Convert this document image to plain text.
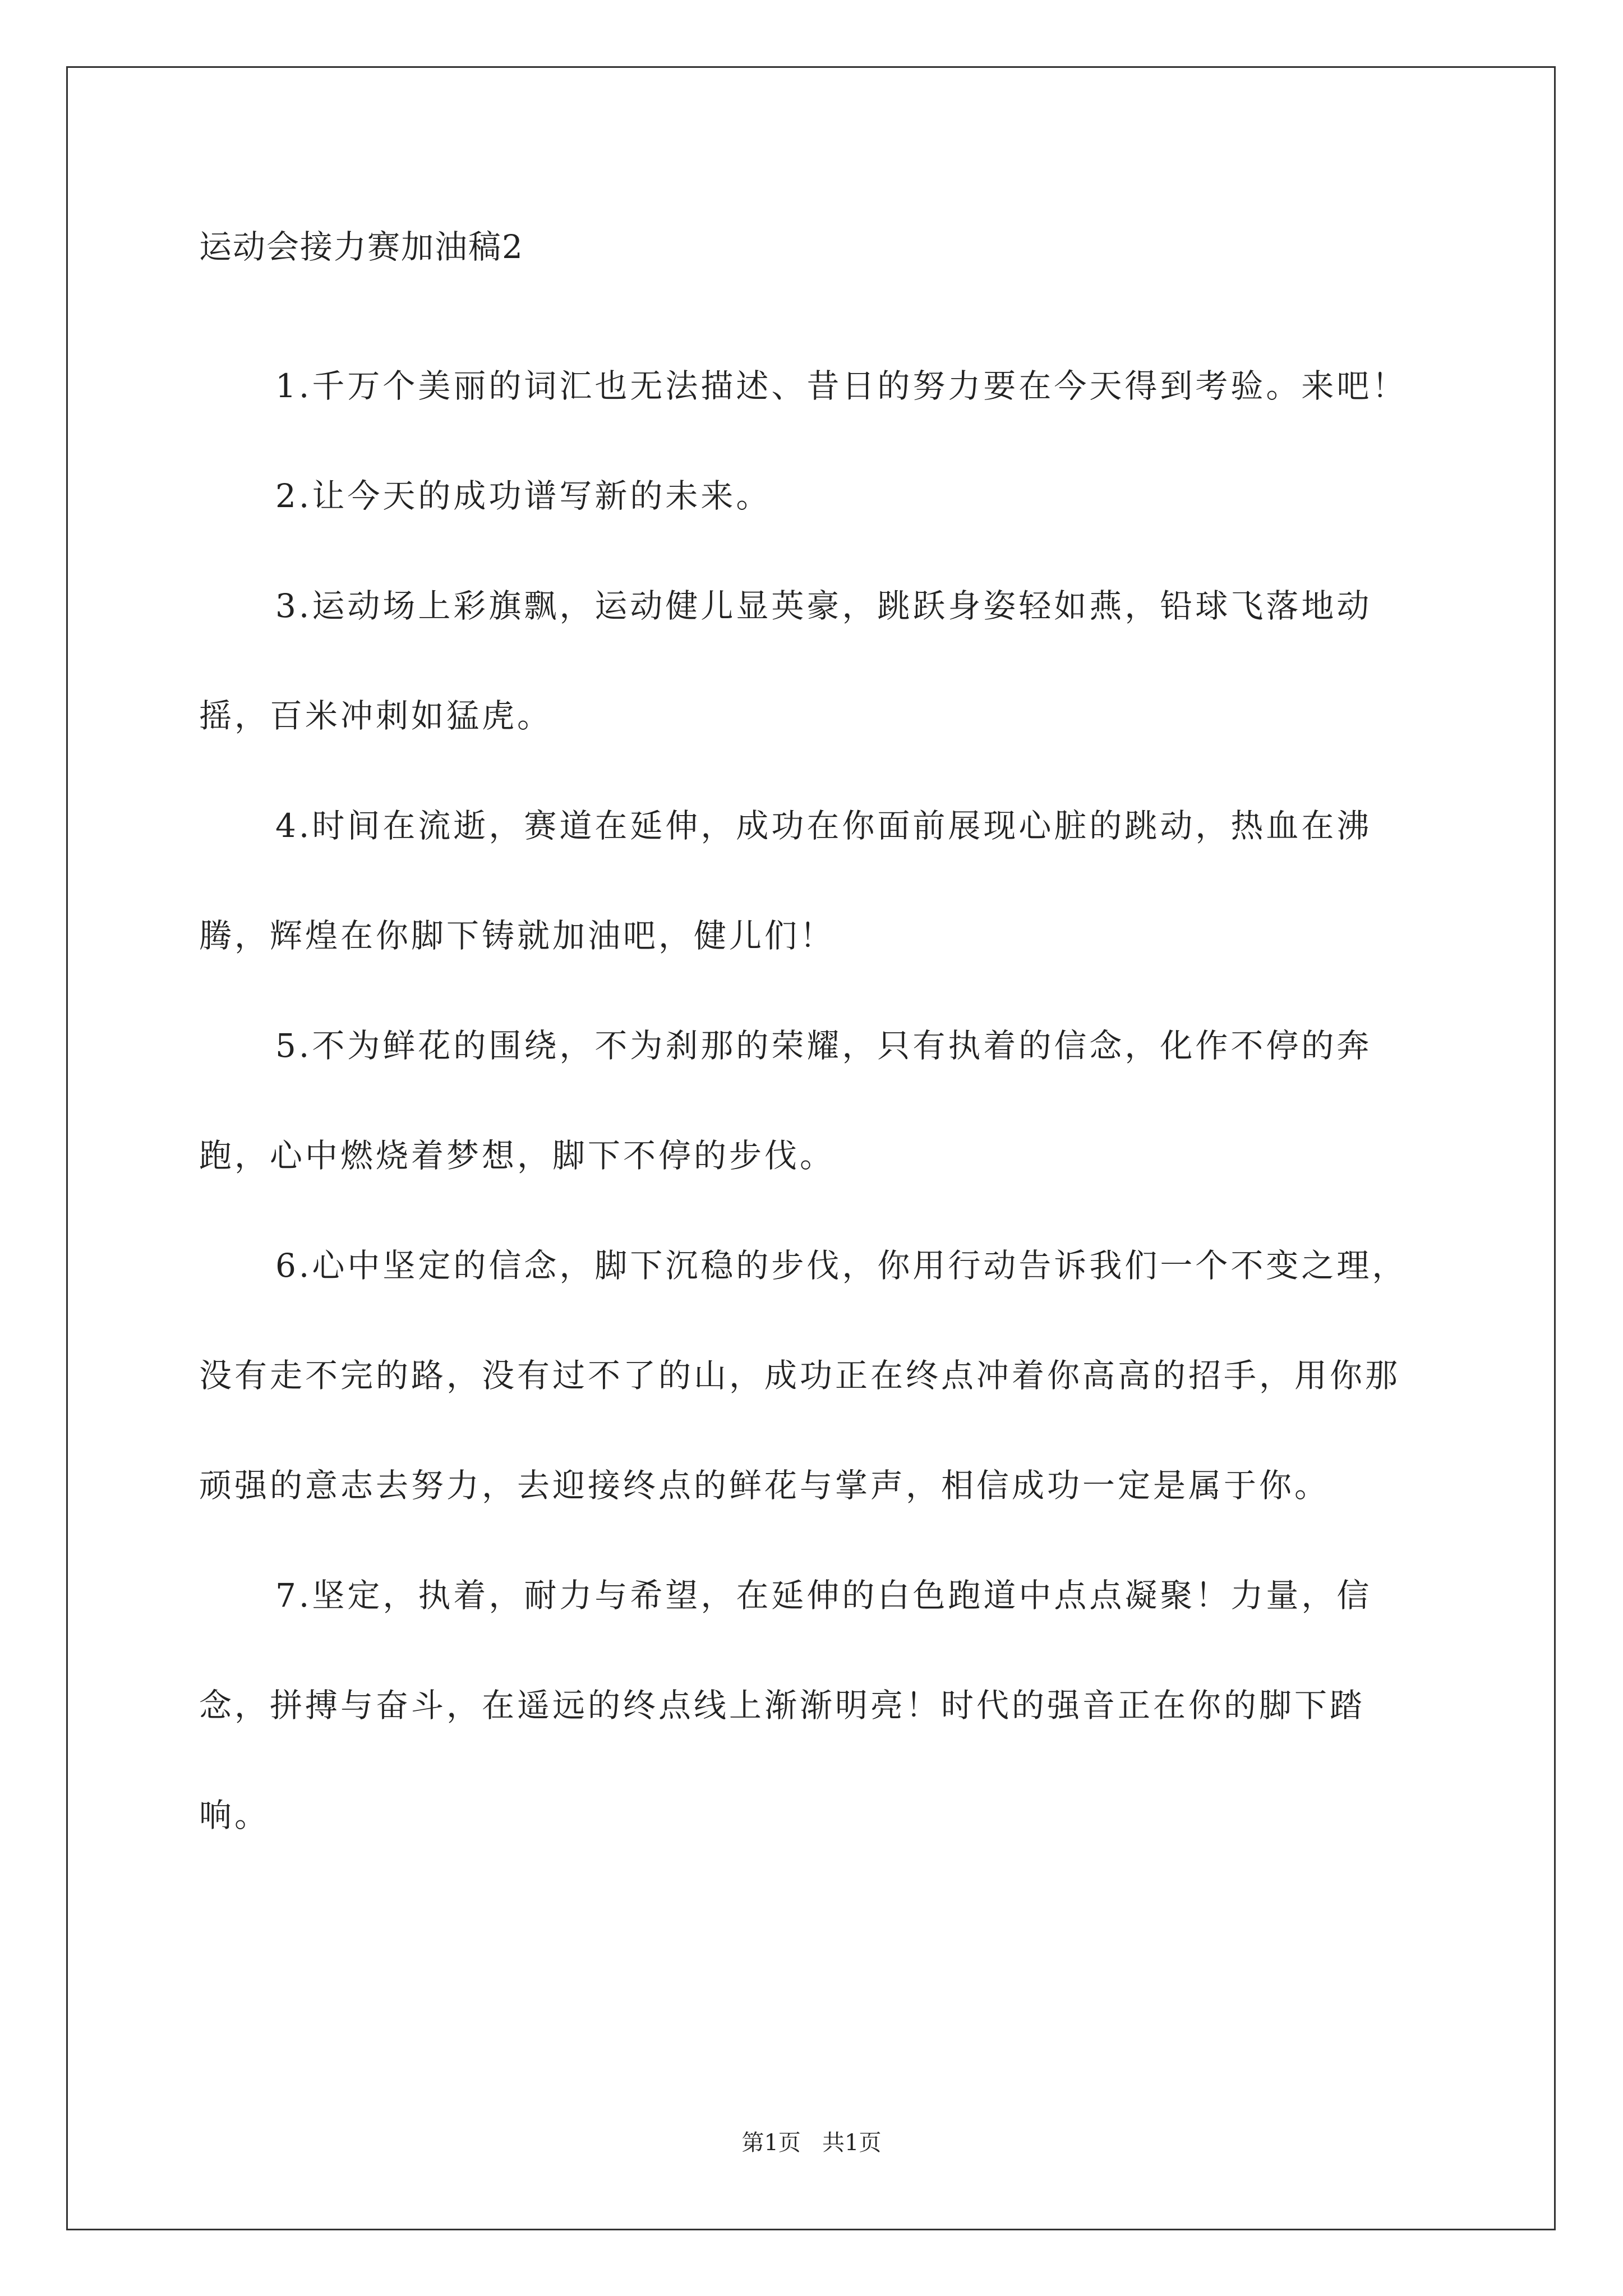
运动会接力赛加油稿2

1.千万个美丽的词汇也无法描述、昔日的努力要在今天得到考验。来吧！

2.让今天的成功谱写新的未来。

3.运动场上彩旗飘，运动健儿显英豪，跳跃身姿轻如燕，铅球飞落地动摇，百米冲刺如猛虎。

4.时间在流逝，赛道在延伸，成功在你面前展现心脏的跳动，热血在沸腾，辉煌在你脚下铸就加油吧，健儿们！

5.不为鲜花的围绕，不为刹那的荣耀，只有执着的信念，化作不停的奔跑，心中燃烧着梦想，脚下不停的步伐。

6.心中坚定的信念，脚下沉稳的步伐，你用行动告诉我们一个不变之理，没有走不完的路，没有过不了的山，成功正在终点冲着你高高的招手，用你那顽强的意志去努力，去迎接终点的鲜花与掌声，相信成功一定是属于你。

7.坚定，执着，耐力与希望，在延伸的白色跑道中点点凝聚！力量，信念，拼搏与奋斗，在遥远的终点线上渐渐明亮！时代的强音正在你的脚下踏响。

第1页   共1页
